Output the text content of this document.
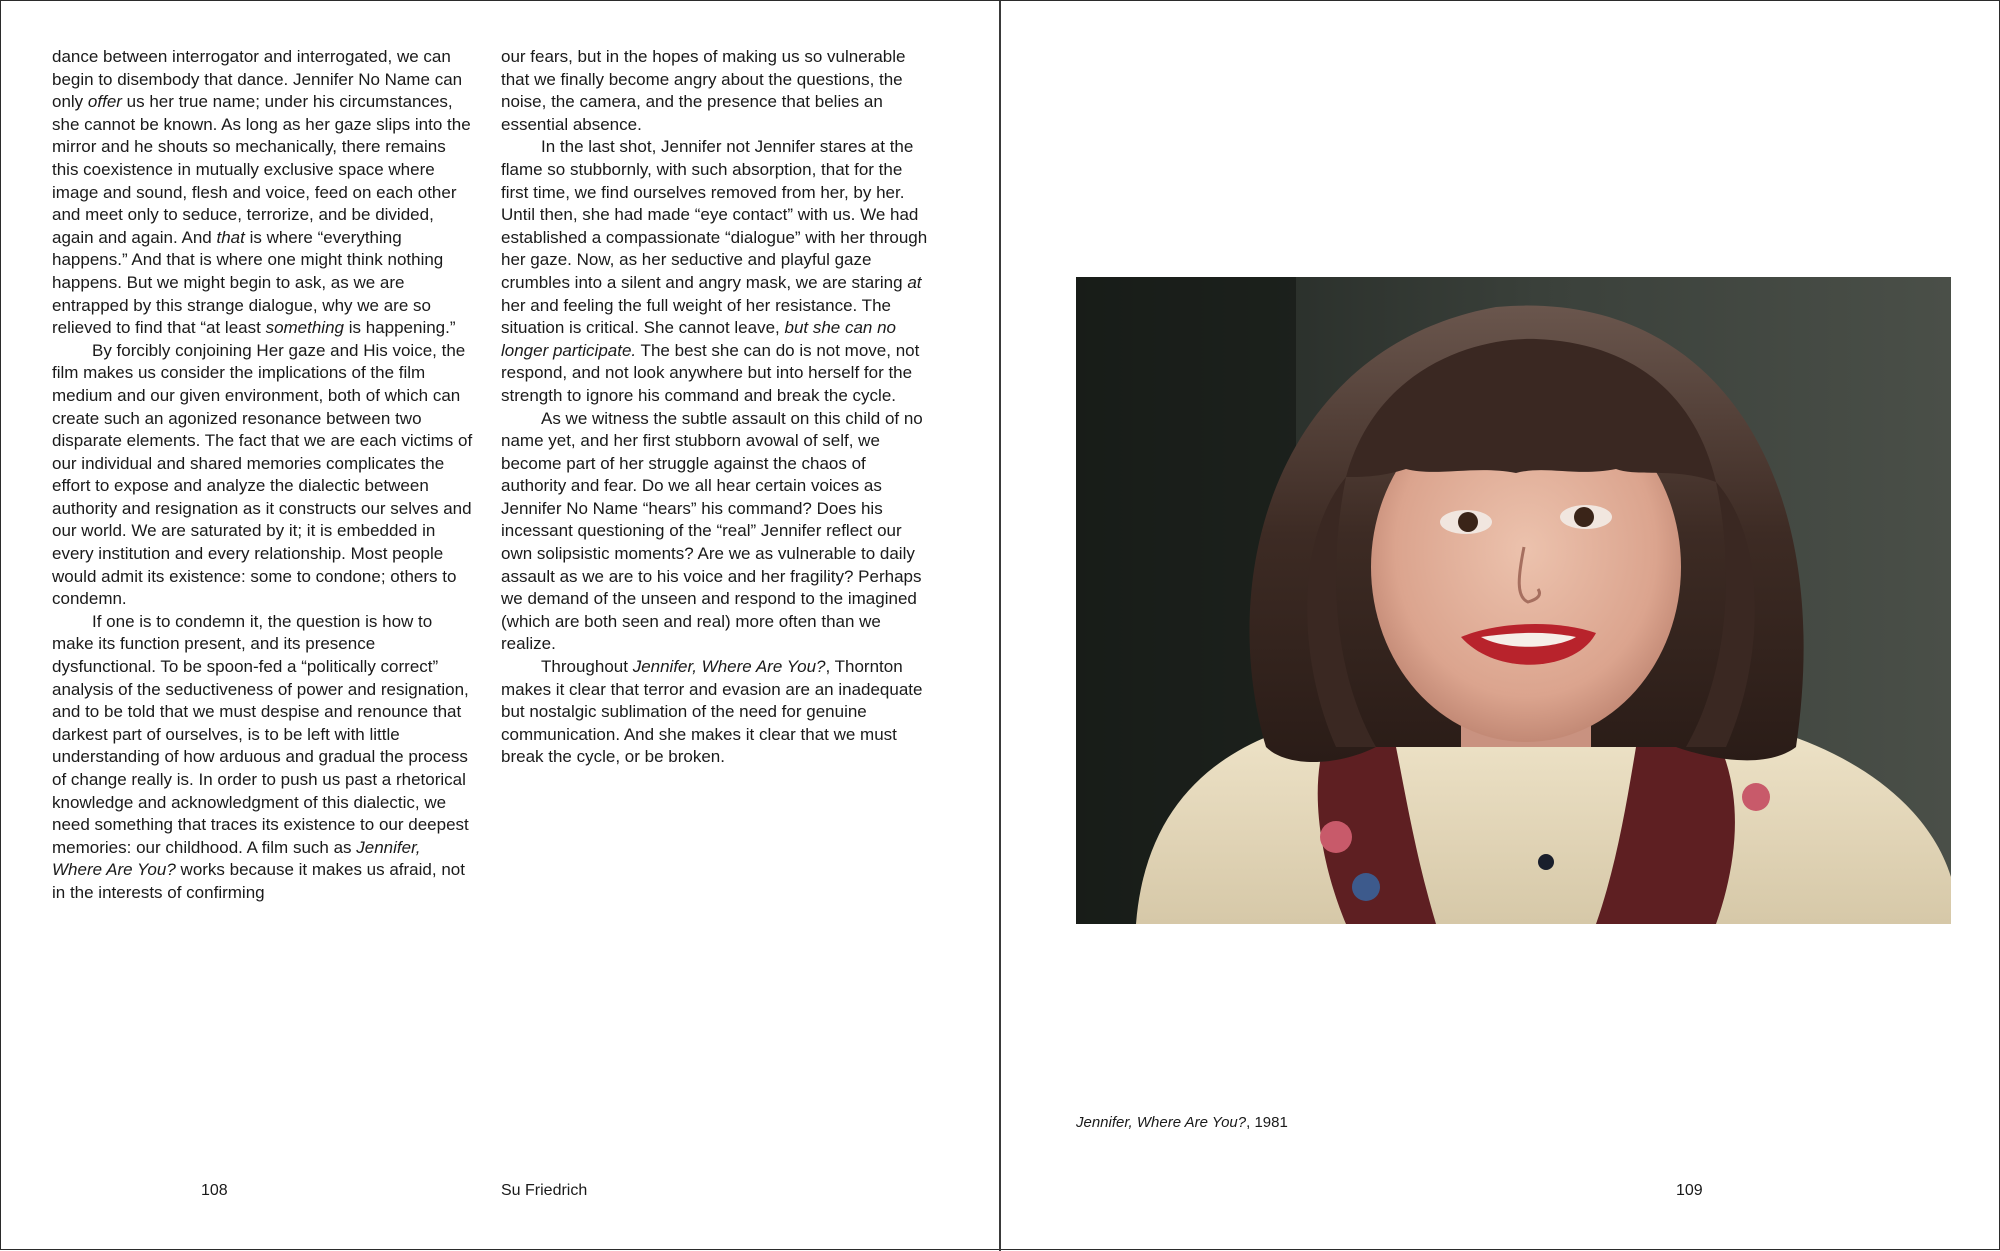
dance between interrogator and interrogated, we can begin to disembody that dance. Jennifer No Name can only offer us her true name; under his circumstances, she cannot be known. As long as her gaze slips into the mirror and he shouts so mechanically, there remains this coexistence in mutually exclusive space where image and sound, flesh and voice, feed on each other and meet only to seduce, terrorize, and be divided, again and again. And that is where “everything happens.” And that is where one might think nothing happens. But we might begin to ask, as we are entrapped by this strange dialogue, why we are so relieved to find that “at least something is happening.”

By forcibly conjoining Her gaze and His voice, the film makes us consider the implications of the film medium and our given environment, both of which can create such an agonized resonance between two disparate elements. The fact that we are each victims of our individual and shared memories complicates the effort to expose and analyze the dialectic between authority and resignation as it constructs our selves and our world. We are saturated by it; it is embedded in every institution and every relationship. Most people would admit its existence: some to condone; others to condemn.

If one is to condemn it, the question is how to make its function present, and its presence dysfunctional. To be spoon-fed a “politically correct” analysis of the seductiveness of power and resignation, and to be told that we must despise and renounce that darkest part of ourselves, is to be left with little understanding of how arduous and gradual the process of change really is. In order to push us past a rhetorical knowledge and acknowledgment of this dialectic, we need something that traces its existence to our deepest memories: our childhood. A film such as Jennifer, Where Are You? works because it makes us afraid, not in the interests of confirming

our fears, but in the hopes of making us so vulnerable that we finally become angry about the questions, the noise, the camera, and the presence that belies an essential absence.

In the last shot, Jennifer not Jennifer stares at the flame so stubbornly, with such absorption, that for the first time, we find ourselves removed from her, by her. Until then, she had made “eye contact” with us. We had established a compassionate “dialogue” with her through her gaze. Now, as her seductive and playful gaze crumbles into a silent and angry mask, we are staring at her and feeling the full weight of her resistance. The situation is critical. She cannot leave, but she can no longer participate. The best she can do is not move, not respond, and not look anywhere but into herself for the strength to ignore his command and break the cycle.

As we witness the subtle assault on this child of no name yet, and her first stubborn avowal of self, we become part of her struggle against the chaos of authority and fear. Do we all hear certain voices as Jennifer No Name “hears” his command? Does his incessant questioning of the “real” Jennifer reflect our own solipsistic moments? Are we as vulnerable to daily assault as we are to his voice and her fragility? Perhaps we demand of the unseen and respond to the imagined (which are both seen and real) more often than we realize.

Throughout Jennifer, Where Are You?, Thornton makes it clear that terror and evasion are an inadequate but nostalgic sublimation of the need for genuine communication. And she makes it clear that we must break the cycle, or be broken.

108	Su Friedrich
Jennifer, Where Are You?, 1981
109
